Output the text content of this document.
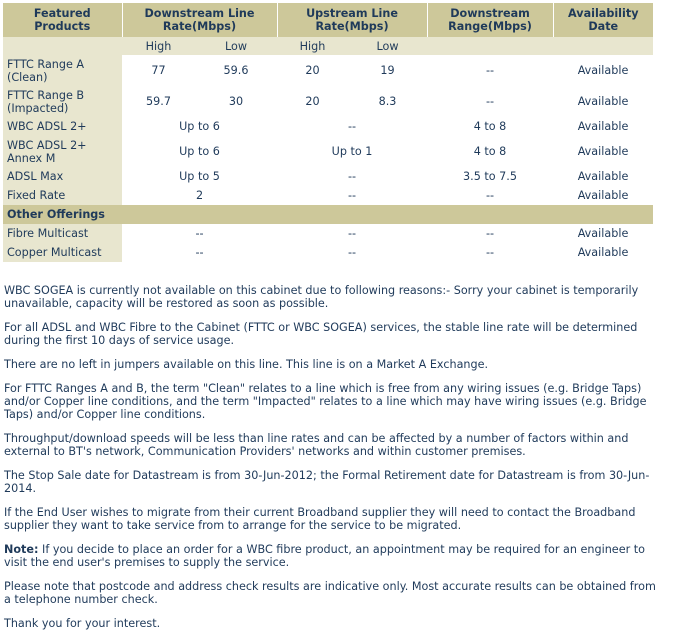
Featured Products	Downstream Line Rate(Mbps)		Upstream Line Rate(Mbps)		Downstream Range(Mbps)	Availability Date
	High	Low	High	Low		
FTTC Range A (Clean)	77	59.6	20	19	--	Available
FTTC Range B (Impacted)	59.7	30	20	8.3	--	Available
WBC ADSL 2+	Up to 6		--		4 to 8	Available
WBC ADSL 2+ Annex M	Up to 6		Up to 1		4 to 8	Available
ADSL Max	Up to 5		--		3.5 to 7.5	Available
Fixed Rate	2		--		--	Available
Other Offerings						
Fibre Multicast	--		--		--	Available
Copper Multicast	--		--		--	Available

WBC SOGEA is currently not available on this cabinet due to following reasons:- Sorry your cabinet is temporarily unavailable, capacity will be restored as soon as possible.

For all ADSL and WBC Fibre to the Cabinet (FTTC or WBC SOGEA) services, the stable line rate will be determined during the first 10 days of service usage.

There are no left in jumpers available on this line. This line is on a Market A Exchange.

For FTTC Ranges A and B, the term "Clean" relates to a line which is free from any wiring issues (e.g. Bridge Taps) and/or Copper line conditions, and the term "Impacted" relates to a line which may have wiring issues (e.g. Bridge Taps) and/or Copper line conditions.

Throughput/download speeds will be less than line rates and can be affected by a number of factors within and external to BT's network, Communication Providers' networks and within customer premises.

The Stop Sale date for Datastream is from 30-Jun-2012; the Formal Retirement date for Datastream is from 30-Jun-2014.

If the End User wishes to migrate from their current Broadband supplier they will need to contact the Broadband supplier they want to take service from to arrange for the service to be migrated.

Note: If you decide to place an order for a WBC fibre product, an appointment may be required for an engineer to visit the end user's premises to supply the service.

Please note that postcode and address check results are indicative only. Most accurate results can be obtained from a telephone number check.

Thank you for your interest.
